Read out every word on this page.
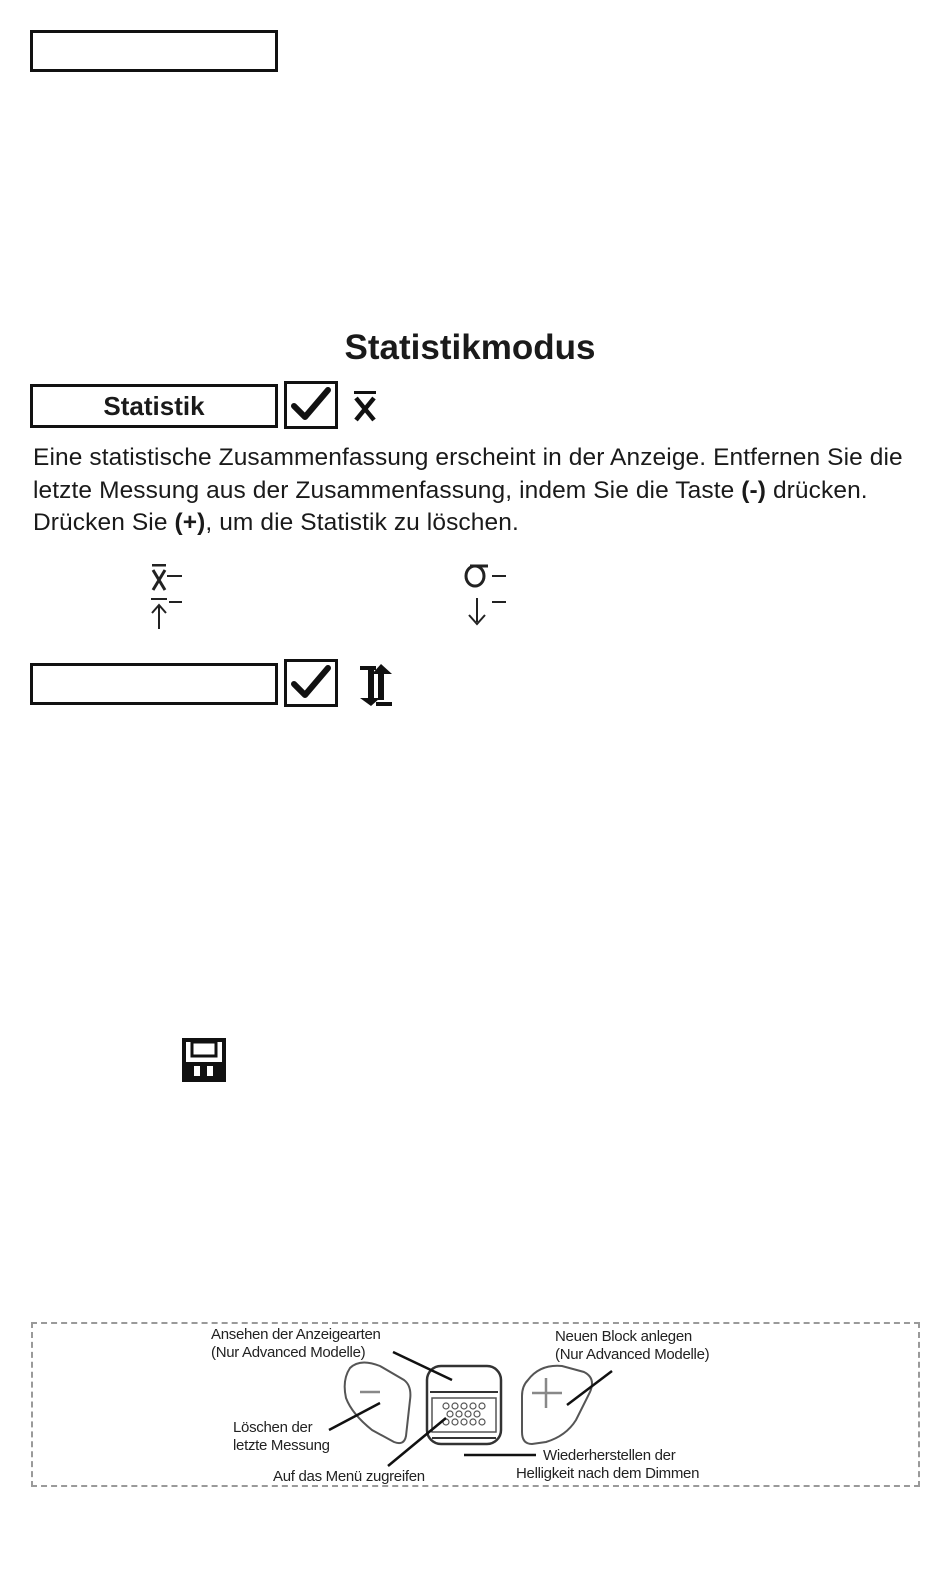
Statistikmodus
Statistik
Eine statistische Zusammenfassung erscheint in der Anzeige. Entfernen Sie die letzte Messung aus der Zusammenfassung, indem Sie die Taste (-) drücken. Drücken Sie (+), um die Statistik zu löschen.
Ansehen der Anzeigearten
(Nur Advanced Modelle)
Neuen Block anlegen
(Nur Advanced Modelle)
Löschen der
letzte Messung
Auf das Menü zugreifen
Wiederherstellen der
Helligkeit nach dem Dimmen
